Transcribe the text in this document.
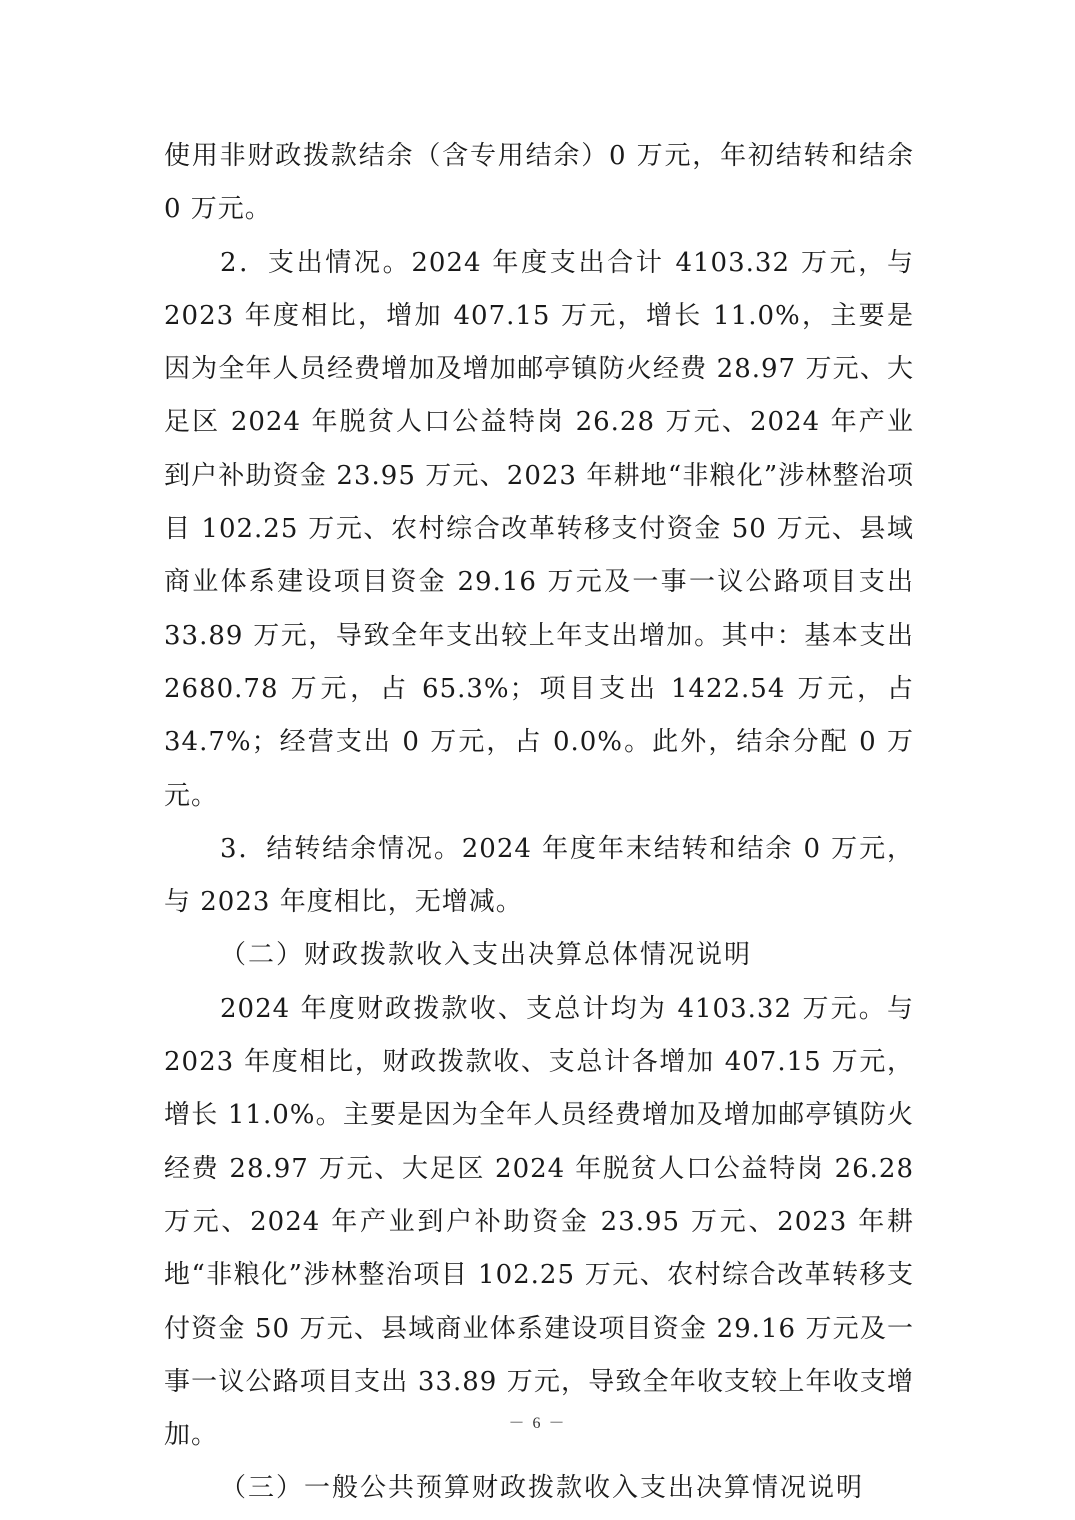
使用非财政拨款结余（含专用结余）0 万元，年初结转和结余 0 万元。

2．支出情况。2024 年度支出合计 4103.32 万元，与 2023 年度相比，增加 407.15 万元，增长 11.0%，主要是因为全年人员经费增加及增加邮亭镇防火经费 28.97 万元、大足区 2024 年脱贫人口公益特岗 26.28 万元、2024 年产业到户补助资金 23.95 万元、2023 年耕地“非粮化”涉林整治项目 102.25 万元、农村综合改革转移支付资金 50 万元、县域商业体系建设项目资金 29.16 万元及一事一议公路项目支出 33.89 万元，导致全年支出较上年支出增加。其中：基本支出 2680.78 万元，占 65.3%；项目支出 1422.54 万元，占 34.7%；经营支出 0 万元，占 0.0%。此外，结余分配 0 万元。

3．结转结余情况。2024 年度年末结转和结余 0 万元，与 2023 年度相比，无增减。

（二）财政拨款收入支出决算总体情况说明

2024 年度财政拨款收、支总计均为 4103.32 万元。与 2023 年度相比，财政拨款收、支总计各增加 407.15 万元，增长 11.0%。主要是因为全年人员经费增加及增加邮亭镇防火经费 28.97 万元、大足区 2024 年脱贫人口公益特岗 26.28 万元、2024 年产业到户补助资金 23.95 万元、2023 年耕地“非粮化”涉林整治项目 102.25 万元、农村综合改革转移支付资金 50 万元、县域商业体系建设项目资金 29.16 万元及一事一议公路项目支出 33.89 万元，导致全年收支较上年收支增加。

（三）一般公共预算财政拨款收入支出决算情况说明

－ 6 －
